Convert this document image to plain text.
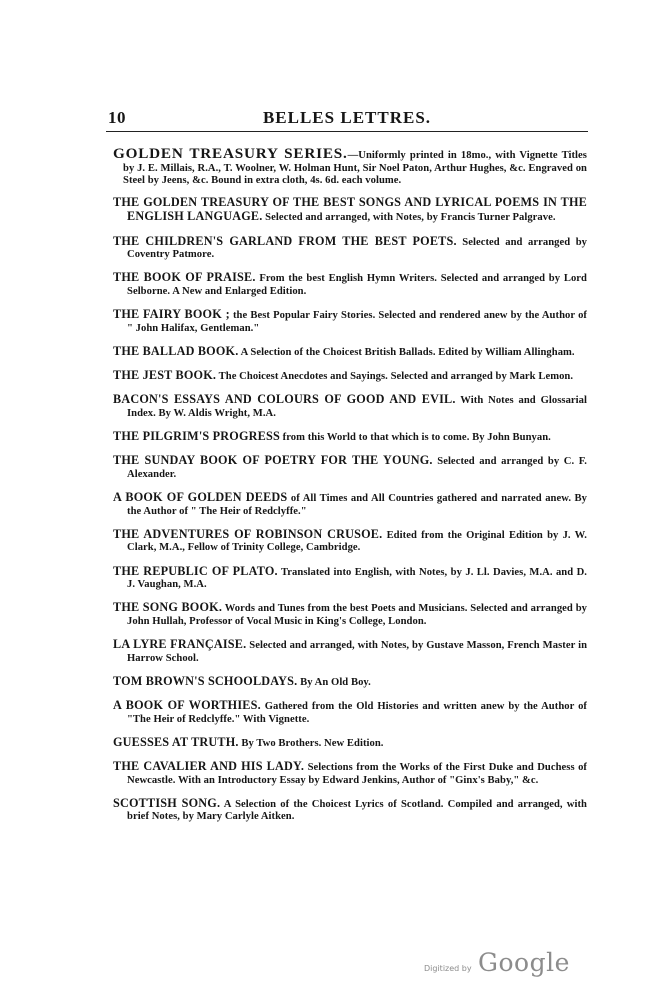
10	BELLES LETTRES.

GOLDEN TREASURY SERIES.—Uniformly printed in 18mo., with Vignette Titles by J. E. Millais, R.A., T. Woolner, W. Holman Hunt, Sir Noel Paton, Arthur Hughes, &c. Engraved on Steel by Jeens, &c. Bound in extra cloth, 4s. 6d. each volume.

THE GOLDEN TREASURY OF THE BEST SONGS AND LYRICAL POEMS IN THE ENGLISH LANGUAGE. Selected and arranged, with Notes, by Francis Turner Palgrave.

THE CHILDREN'S GARLAND FROM THE BEST POETS. Selected and arranged by Coventry Patmore.

THE BOOK OF PRAISE. From the best English Hymn Writers. Selected and arranged by Lord Selborne. A New and Enlarged Edition.

THE FAIRY BOOK ; the Best Popular Fairy Stories. Selected and rendered anew by the Author of " John Halifax, Gentleman."

THE BALLAD BOOK. A Selection of the Choicest British Ballads. Edited by William Allingham.

THE JEST BOOK. The Choicest Anecdotes and Sayings. Selected and arranged by Mark Lemon.

BACON'S ESSAYS AND COLOURS OF GOOD AND EVIL. With Notes and Glossarial Index. By W. Aldis Wright, M.A.

THE PILGRIM'S PROGRESS from this World to that which is to come. By John Bunyan.

THE SUNDAY BOOK OF POETRY FOR THE YOUNG. Selected and arranged by C. F. Alexander.

A BOOK OF GOLDEN DEEDS of All Times and All Countries gathered and narrated anew. By the Author of " The Heir of Redclyffe."

THE ADVENTURES OF ROBINSON CRUSOE. Edited from the Original Edition by J. W. Clark, M.A., Fellow of Trinity College, Cambridge.

THE REPUBLIC OF PLATO. Translated into English, with Notes, by J. Ll. Davies, M.A. and D. J. Vaughan, M.A.

THE SONG BOOK. Words and Tunes from the best Poets and Musicians. Selected and arranged by John Hullah, Professor of Vocal Music in King's College, London.

LA LYRE FRANÇAISE. Selected and arranged, with Notes, by Gustave Masson, French Master in Harrow School.

TOM BROWN'S SCHOOLDAYS. By An Old Boy.

A BOOK OF WORTHIES. Gathered from the Old Histories and written anew by the Author of "The Heir of Redclyffe." With Vignette.

GUESSES AT TRUTH. By Two Brothers. New Edition.

THE CAVALIER AND HIS LADY. Selections from the Works of the First Duke and Duchess of Newcastle. With an Introductory Essay by Edward Jenkins, Author of "Ginx's Baby," &c.

SCOTTISH SONG. A Selection of the Choicest Lyrics of Scotland. Compiled and arranged, with brief Notes, by Mary Carlyle Aitken.

Digitized by Google
